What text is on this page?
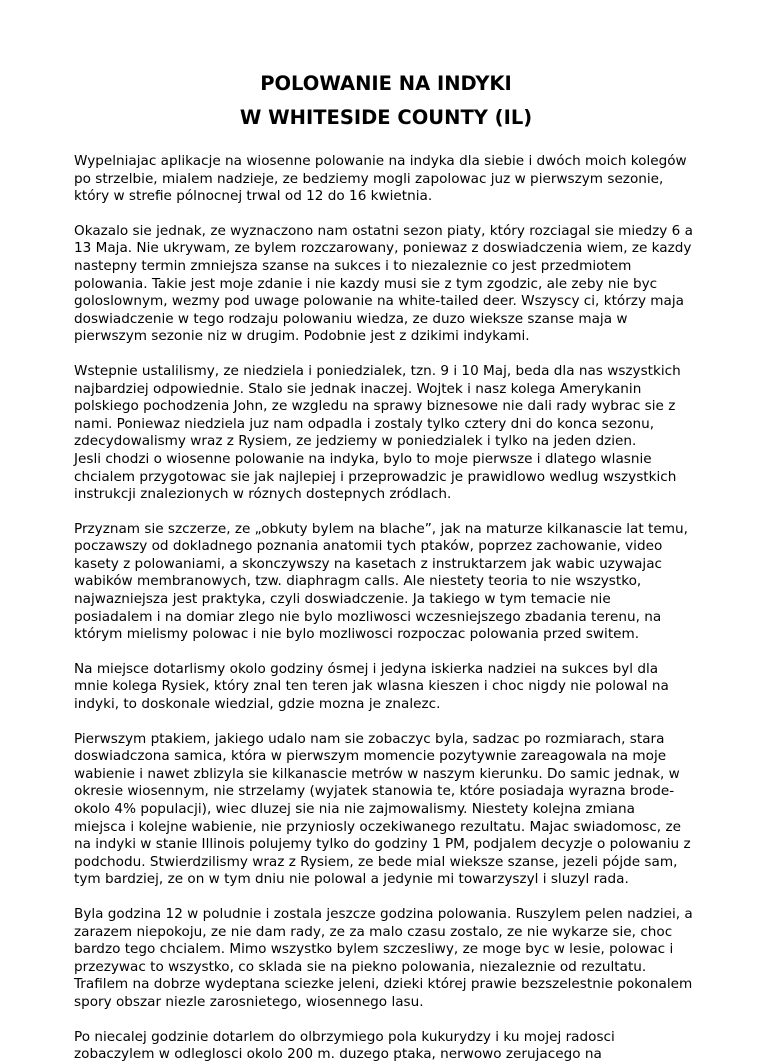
POLOWANIE NA INDYKI
W WHITESIDE COUNTY (IL)
Wypelniajac aplikacje na wiosenne polowanie na indyka dla siebie i dwóch moich kolegów
po strzelbie, mialem nadzieje, ze bedziemy mogli zapolowac juz w pierwszym sezonie,
który w strefie pólnocnej trwal od 12 do 16 kwietnia.
Okazalo sie jednak, ze wyznaczono nam ostatni sezon piaty, który rozciagal sie miedzy 6 a
13 Maja. Nie ukrywam, ze bylem rozczarowany, poniewaz z doswiadczenia wiem, ze kazdy
nastepny termin zmniejsza szanse na sukces i to niezaleznie co jest przedmiotem
polowania. Takie jest moje zdanie i nie kazdy musi sie z tym zgodzic, ale zeby nie byc
goloslownym, wezmy pod uwage polowanie na white-tailed deer. Wszyscy ci, którzy maja
doswiadczenie w tego rodzaju polowaniu wiedza, ze duzo wieksze szanse maja w
pierwszym sezonie niz w drugim. Podobnie jest z dzikimi indykami.
Wstepnie ustalilismy, ze niedziela i poniedzialek, tzn. 9 i 10 Maj, beda dla nas wszystkich
najbardziej odpowiednie. Stalo sie jednak inaczej. Wojtek i nasz kolega Amerykanin
polskiego pochodzenia John, ze wzgledu na sprawy biznesowe nie dali rady wybrac sie z
nami. Poniewaz niedziela juz nam odpadla i zostaly tylko cztery dni do konca sezonu,
zdecydowalismy wraz z Rysiem, ze jedziemy w poniedzialek i tylko na jeden dzien.
Jesli chodzi o wiosenne polowanie na indyka, bylo to moje pierwsze i dlatego wlasnie
chcialem przygotowac sie jak najlepiej i przeprowadzic je prawidlowo wedlug wszystkich
instrukcji znalezionych w róznych dostepnych zródlach.
Przyznam sie szczerze, ze „obkuty bylem na blache”, jak na maturze kilkanascie lat temu,
poczawszy od dokladnego poznania anatomii tych ptaków, poprzez zachowanie, video
kasety z polowaniami, a skonczywszy na kasetach z instruktarzem jak wabic uzywajac
wabików membranowych, tzw. diaphragm calls. Ale niestety teoria to nie wszystko,
najwazniejsza jest praktyka, czyli doswiadczenie. Ja takiego w tym temacie nie
posiadalem i na domiar zlego nie bylo mozliwosci wczesniejszego zbadania terenu, na
którym mielismy polowac i nie bylo mozliwosci rozpoczac polowania przed switem.
Na miejsce dotarlismy okolo godziny ósmej i jedyna iskierka nadziei na sukces byl dla
mnie kolega Rysiek, który znal ten teren jak wlasna kieszen i choc nigdy nie polowal na
indyki, to doskonale wiedzial, gdzie mozna je znalezc.
Pierwszym ptakiem, jakiego udalo nam sie zobaczyc byla, sadzac po rozmiarach, stara
doswiadczona samica, która w pierwszym momencie pozytywnie zareagowala na moje
wabienie i nawet zblizyla sie kilkanascie metrów w naszym kierunku. Do samic jednak, w
okresie wiosennym, nie strzelamy (wyjatek stanowia te, które posiadaja wyrazna brode-
okolo 4% populacji), wiec dluzej sie nia nie zajmowalismy. Niestety kolejna zmiana
miejsca i kolejne wabienie, nie przyniosly oczekiwanego rezultatu. Majac swiadomosc, ze
na indyki w stanie Illinois polujemy tylko do godziny 1 PM, podjalem decyzje o polowaniu z
podchodu. Stwierdzilismy wraz z Rysiem, ze bede mial wieksze szanse, jezeli pójde sam,
tym bardziej, ze on w tym dniu nie polowal a jedynie mi towarzyszyl i sluzyl rada.
Byla godzina 12 w poludnie i zostala jeszcze godzina polowania. Ruszylem pelen nadziei, a
zarazem niepokoju, ze nie dam rady, ze za malo czasu zostalo, ze nie wykarze sie, choc
bardzo tego chcialem. Mimo wszystko bylem szczesliwy, ze moge byc w lesie, polowac i
przezywac to wszystko, co sklada sie na piekno polowania, niezaleznie od rezultatu.
Trafilem na dobrze wydeptana sciezke jeleni, dzieki której prawie bezszelestnie pokonalem
spory obszar niezle zarosnietego, wiosennego lasu.
Po niecalej godzinie dotarlem do olbrzymiego pola kukurydzy i ku mojej radosci
zobaczylem w odleglosci okolo 200 m. duzego ptaka, nerwowo zerujacego na
